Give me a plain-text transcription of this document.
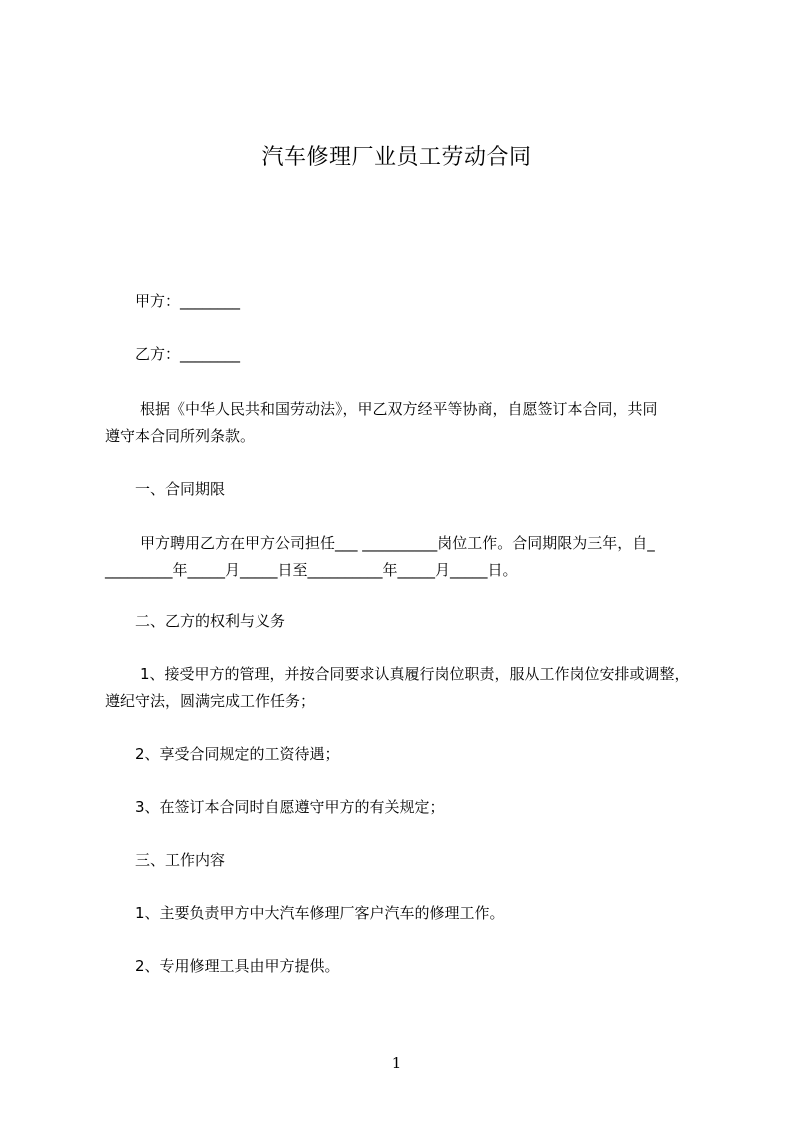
汽车修理厂业员工劳动合同
甲方：________
乙方：________
根据《中华人民共和国劳动法》，甲乙双方经平等协商，自愿签订本合同，共同
遵守本合同所列条款。
一、合同期限
甲方聘用乙方在甲方公司担任___ __________岗位工作。合同期限为三年，自_
_________年_____月_____日至__________年_____月_____日。
二、乙方的权利与义务
1、接受甲方的管理，并按合同要求认真履行岗位职责，服从工作岗位安排或调整，
遵纪守法，圆满完成工作任务；
2、享受合同规定的工资待遇；
3、在签订本合同时自愿遵守甲方的有关规定；
三、工作内容
1、主要负责甲方中大汽车修理厂客户汽车的修理工作。
2、专用修理工具由甲方提供。
1
